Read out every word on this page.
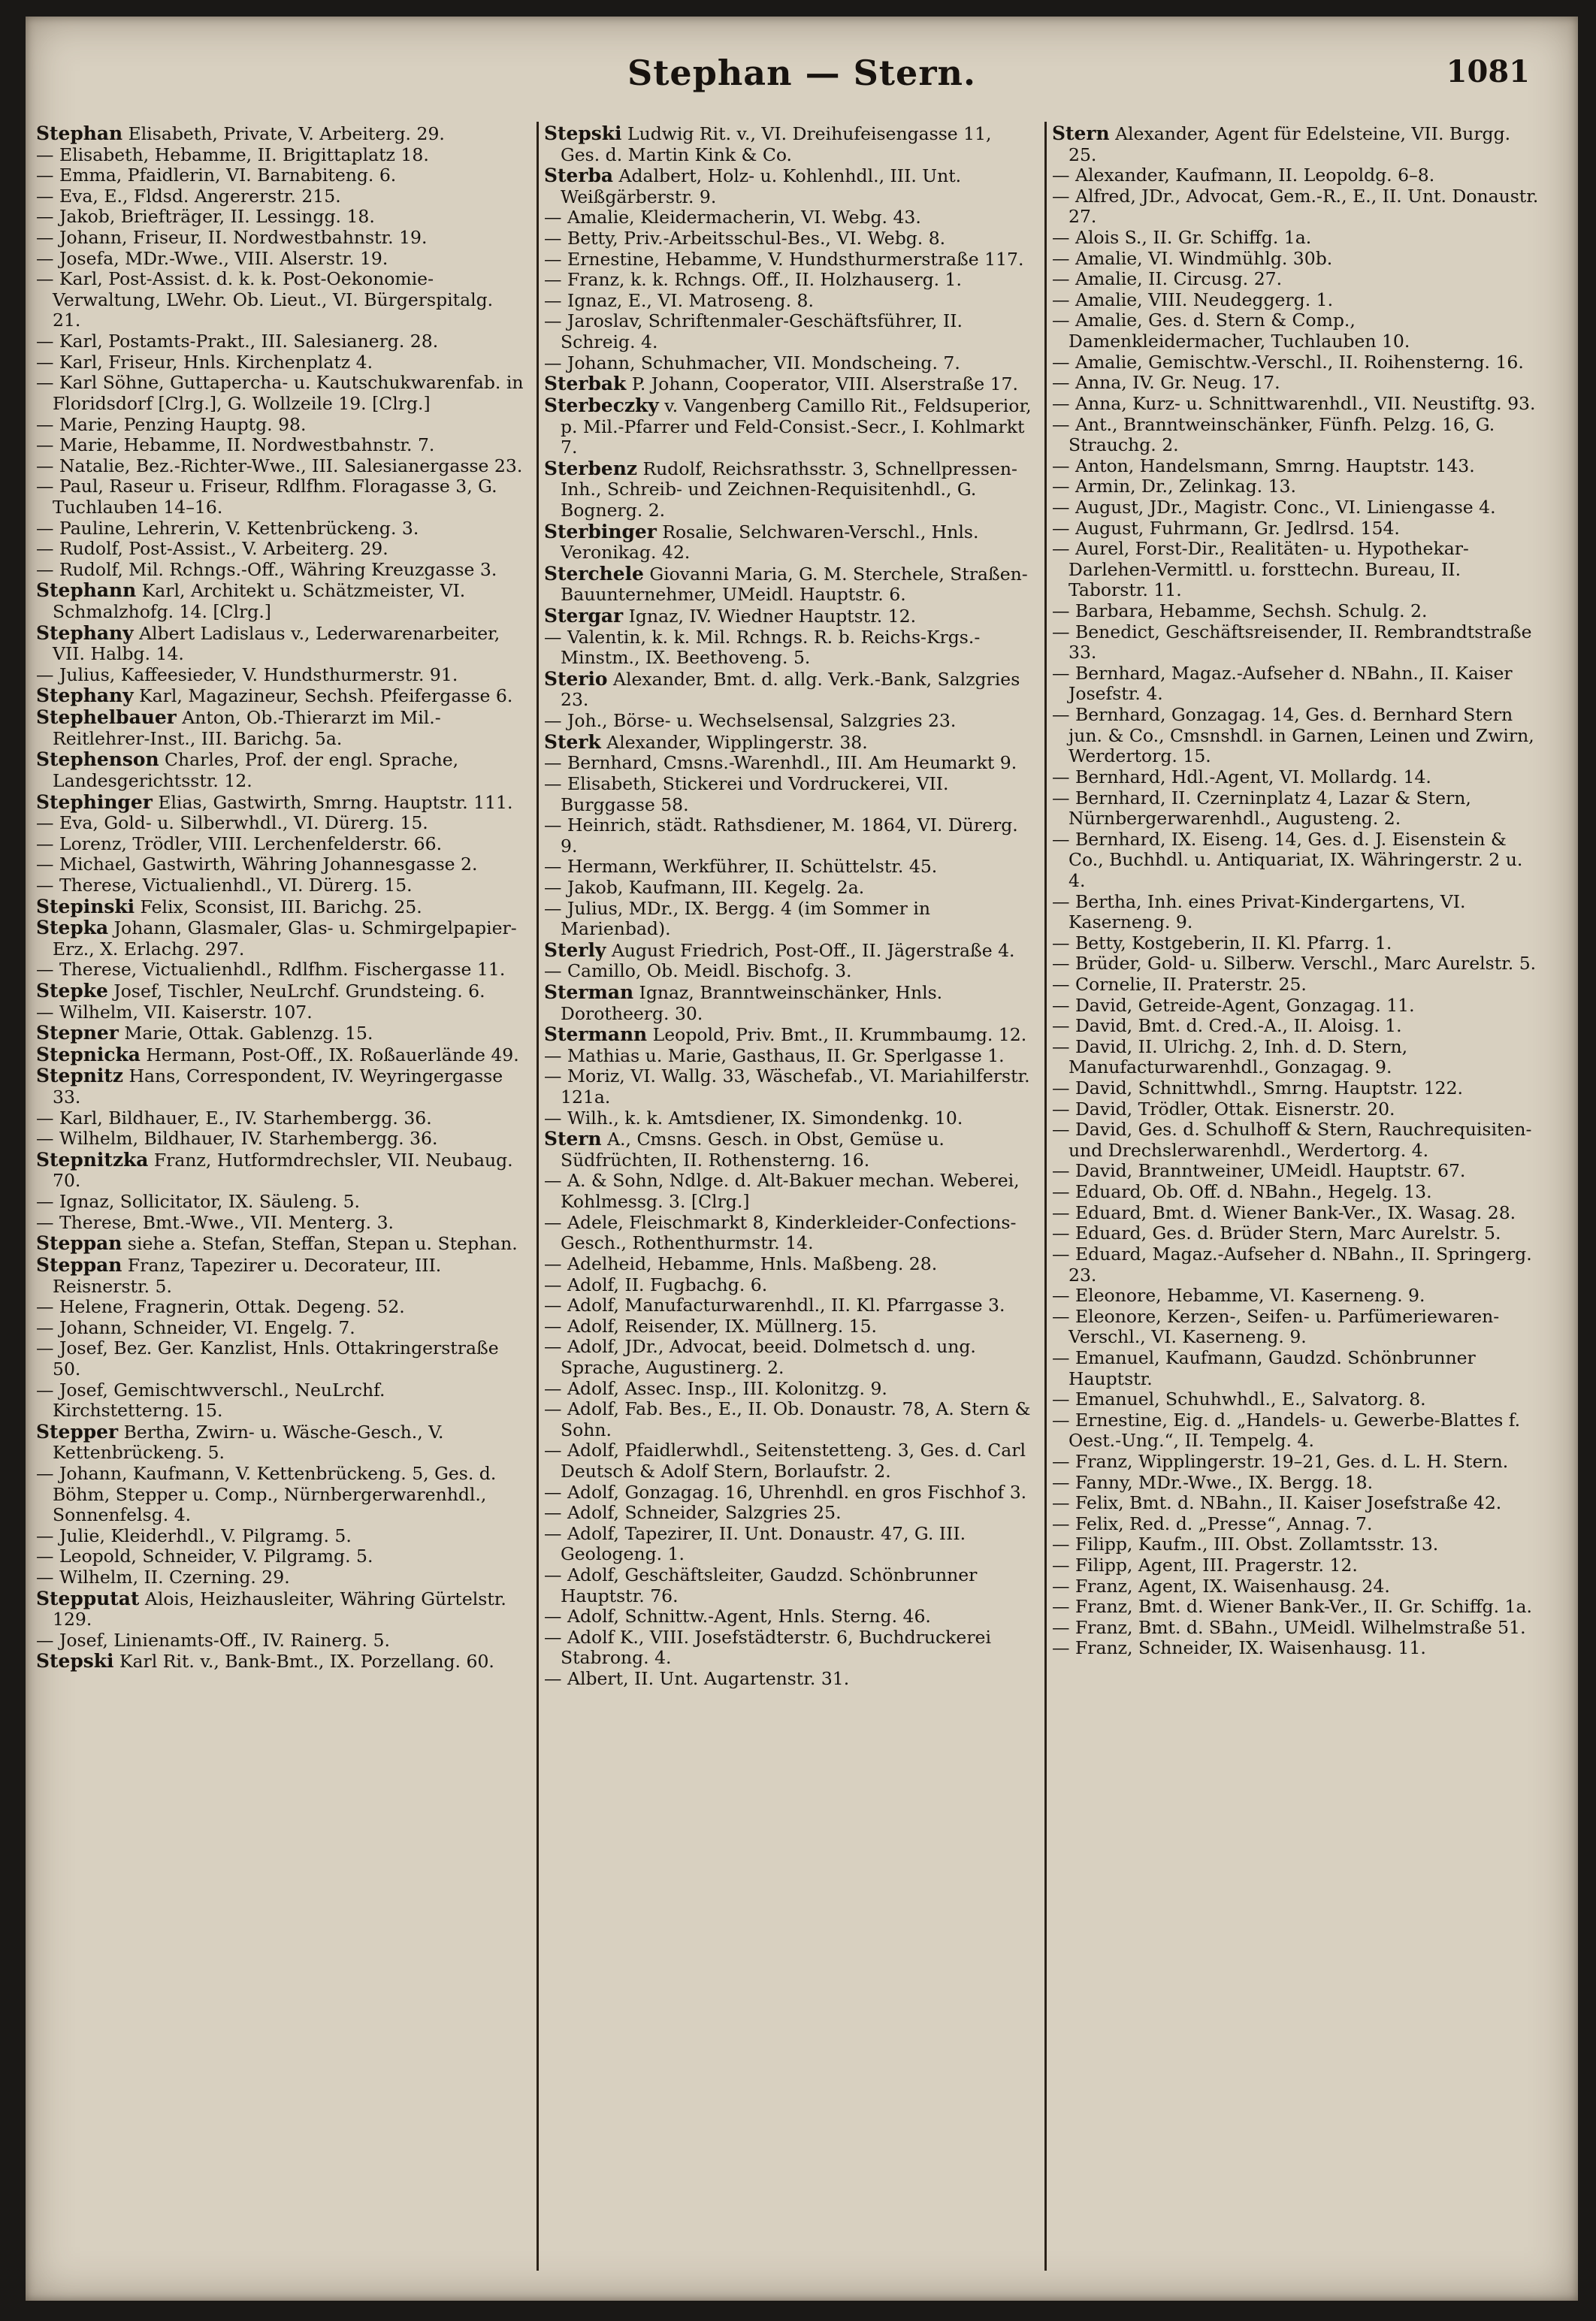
Stephan — Stern.	1081

Stephan Elisabeth, Private, V. Arbeiterg. 29.

— Elisabeth, Hebamme, II. Brigittaplatz 18.

— Emma, Pfaidlerin, VI. Barnabiteng. 6.

— Eva, E., Fldsd. Angererstr. 215.

— Jakob, Briefträger, II. Lessingg. 18.

— Johann, Friseur, II. Nordwestbahnstr. 19.

— Josefa, MDr.-Wwe., VIII. Alserstr. 19.

— Karl, Post-Assist. d. k. k. Post-Oekonomie-Verwaltung, LWehr. Ob. Lieut., VI. Bürgerspitalg. 21.

— Karl, Postamts-Prakt., III. Salesianerg. 28.

— Karl, Friseur, Hnls. Kirchenplatz 4.

— Karl Söhne, Guttapercha- u. Kautschukwarenfab. in Floridsdorf [Clrg.], G. Wollzeile 19. [Clrg.]

— Marie, Penzing Hauptg. 98.

— Marie, Hebamme, II. Nordwestbahnstr. 7.

— Natalie, Bez.-Richter-Wwe., III. Salesianergasse 23.

— Paul, Raseur u. Friseur, Rdlfhm. Floragasse 3, G. Tuchlauben 14–16.

— Pauline, Lehrerin, V. Kettenbrückeng. 3.

— Rudolf, Post-Assist., V. Arbeiterg. 29.

— Rudolf, Mil. Rchngs.-Off., Währing Kreuzgasse 3.

Stephann Karl, Architekt u. Schätzmeister, VI. Schmalzhofg. 14. [Clrg.]

Stephany Albert Ladislaus v., Lederwarenarbeiter, VII. Halbg. 14.

— Julius, Kaffeesieder, V. Hundsthurmerstr. 91.

Stephany Karl, Magazineur, Sechsh. Pfeifergasse 6.

Stephelbauer Anton, Ob.-Thierarzt im Mil.-Reitlehrer-Inst., III. Barichg. 5a.

Stephenson Charles, Prof. der engl. Sprache, Landesgerichtsstr. 12.

Stephinger Elias, Gastwirth, Smrng. Hauptstr. 111.

— Eva, Gold- u. Silberwhdl., VI. Dürerg. 15.

— Lorenz, Trödler, VIII. Lerchenfelderstr. 66.

— Michael, Gastwirth, Währing Johannesgasse 2.

— Therese, Victualienhdl., VI. Dürerg. 15.

Stepinski Felix, Sconsist, III. Barichg. 25.

Stepka Johann, Glasmaler, Glas- u. Schmirgelpapier-Erz., X. Erlachg. 297.

— Therese, Victualienhdl., Rdlfhm. Fischergasse 11.

Stepke Josef, Tischler, NeuLrchf. Grundsteing. 6.

— Wilhelm, VII. Kaiserstr. 107.

Stepner Marie, Ottak. Gablenzg. 15.

Stepnicka Hermann, Post-Off., IX. Roßauerlände 49.

Stepnitz Hans, Correspondent, IV. Weyringergasse 33.

— Karl, Bildhauer, E., IV. Starhembergg. 36.

— Wilhelm, Bildhauer, IV. Starhembergg. 36.

Stepnitzka Franz, Hutformdrechsler, VII. Neubaug. 70.

— Ignaz, Sollicitator, IX. Säuleng. 5.

— Therese, Bmt.-Wwe., VII. Menterg. 3.

Steppan siehe a. Stefan, Steffan, Stepan u. Stephan.

Steppan Franz, Tapezirer u. Decorateur, III. Reisnerstr. 5.

— Helene, Fragnerin, Ottak. Degeng. 52.

— Johann, Schneider, VI. Engelg. 7.

— Josef, Bez. Ger. Kanzlist, Hnls. Ottakringerstraße 50.

— Josef, Gemischtwverschl., NeuLrchf. Kirchstetterng. 15.

Stepper Bertha, Zwirn- u. Wäsche-Gesch., V. Kettenbrückeng. 5.

— Johann, Kaufmann, V. Kettenbrückeng. 5, Ges. d. Böhm, Stepper u. Comp., Nürnbergerwarenhdl., Sonnenfelsg. 4.

— Julie, Kleiderhdl., V. Pilgramg. 5.

— Leopold, Schneider, V. Pilgramg. 5.

— Wilhelm, II. Czerning. 29.

Stepputat Alois, Heizhausleiter, Währing Gürtelstr. 129.

— Josef, Linienamts-Off., IV. Rainerg. 5.

Stepski Karl Rit. v., Bank-Bmt., IX. Porzellang. 60.

Stepski Ludwig Rit. v., VI. Dreihufeisengasse 11, Ges. d. Martin Kink & Co.

Sterba Adalbert, Holz- u. Kohlenhdl., III. Unt. Weißgärberstr. 9.

— Amalie, Kleidermacherin, VI. Webg. 43.

— Betty, Priv.-Arbeitsschul-Bes., VI. Webg. 8.

— Ernestine, Hebamme, V. Hundsthurmerstraße 117.

— Franz, k. k. Rchngs. Off., II. Holzhauserg. 1.

— Ignaz, E., VI. Matroseng. 8.

— Jaroslav, Schriftenmaler-Geschäftsführer, II. Schreig. 4.

— Johann, Schuhmacher, VII. Mondscheing. 7.

Sterbak P. Johann, Cooperator, VIII. Alserstraße 17.

Sterbeczky v. Vangenberg Camillo Rit., Feldsuperior, p. Mil.-Pfarrer und Feld-Consist.-Secr., I. Kohlmarkt 7.

Sterbenz Rudolf, Reichsrathsstr. 3, Schnellpressen-Inh., Schreib- und Zeichnen-Requisitenhdl., G. Bognerg. 2.

Sterbinger Rosalie, Selchwaren-Verschl., Hnls. Veronikag. 42.

Sterchele Giovanni Maria, G. M. Sterchele, Straßen-Bauunternehmer, UMeidl. Hauptstr. 6.

Stergar Ignaz, IV. Wiedner Hauptstr. 12.

— Valentin, k. k. Mil. Rchngs. R. b. Reichs-Krgs.-Minstm., IX. Beethoveng. 5.

Sterio Alexander, Bmt. d. allg. Verk.-Bank, Salzgries 23.

— Joh., Börse- u. Wechselsensal, Salzgries 23.

Sterk Alexander, Wipplingerstr. 38.

— Bernhard, Cmsns.-Warenhdl., III. Am Heumarkt 9.

— Elisabeth, Stickerei und Vordruckerei, VII. Burggasse 58.

— Heinrich, städt. Rathsdiener, M. 1864, VI. Dürerg. 9.

— Hermann, Werkführer, II. Schüttelstr. 45.

— Jakob, Kaufmann, III. Kegelg. 2a.

— Julius, MDr., IX. Bergg. 4 (im Sommer in Marienbad).

Sterly August Friedrich, Post-Off., II. Jägerstraße 4.

— Camillo, Ob. Meidl. Bischofg. 3.

Sterman Ignaz, Branntweinschänker, Hnls. Dorotheerg. 30.

Stermann Leopold, Priv. Bmt., II. Krummbaumg. 12.

— Mathias u. Marie, Gasthaus, II. Gr. Sperlgasse 1.

— Moriz, VI. Wallg. 33, Wäschefab., VI. Mariahilferstr. 121a.

— Wilh., k. k. Amtsdiener, IX. Simondenkg. 10.

Stern A., Cmsns. Gesch. in Obst, Gemüse u. Südfrüchten, II. Rothensterng. 16.

— A. & Sohn, Ndlge. d. Alt-Bakuer mechan. Weberei, Kohlmessg. 3. [Clrg.]

— Adele, Fleischmarkt 8, Kinderkleider-Confections-Gesch., Rothenthurmstr. 14.

— Adelheid, Hebamme, Hnls. Maßbeng. 28.

— Adolf, II. Fugbachg. 6.

— Adolf, Manufacturwarenhdl., II. Kl. Pfarrgasse 3.

— Adolf, Reisender, IX. Müllnerg. 15.

— Adolf, JDr., Advocat, beeid. Dolmetsch d. ung. Sprache, Augustinerg. 2.

— Adolf, Assec. Insp., III. Kolonitzg. 9.

— Adolf, Fab. Bes., E., II. Ob. Donaustr. 78, A. Stern & Sohn.

— Adolf, Pfaidlerwhdl., Seitenstetteng. 3, Ges. d. Carl Deutsch & Adolf Stern, Borlaufstr. 2.

— Adolf, Gonzagag. 16, Uhrenhdl. en gros Fischhof 3.

— Adolf, Schneider, Salzgries 25.

— Adolf, Tapezirer, II. Unt. Donaustr. 47, G. III. Geologeng. 1.

— Adolf, Geschäftsleiter, Gaudzd. Schönbrunner Hauptstr. 76.

— Adolf, Schnittw.-Agent, Hnls. Sterng. 46.

— Adolf K., VIII. Josefstädterstr. 6, Buchdruckerei Stabrong. 4.

— Albert, II. Unt. Augartenstr. 31.

Stern Alexander, Agent für Edelsteine, VII. Burgg. 25.

— Alexander, Kaufmann, II. Leopoldg. 6–8.

— Alfred, JDr., Advocat, Gem.-R., E., II. Unt. Donaustr. 27.

— Alois S., II. Gr. Schiffg. 1a.

— Amalie, VI. Windmühlg. 30b.

— Amalie, II. Circusg. 27.

— Amalie, VIII. Neudeggerg. 1.

— Amalie, Ges. d. Stern & Comp., Damenkleidermacher, Tuchlauben 10.

— Amalie, Gemischtw.-Verschl., II. Roihensterng. 16.

— Anna, IV. Gr. Neug. 17.

— Anna, Kurz- u. Schnittwarenhdl., VII. Neustiftg. 93.

— Ant., Branntweinschänker, Fünfh. Pelzg. 16, G. Strauchg. 2.

— Anton, Handelsmann, Smrng. Hauptstr. 143.

— Armin, Dr., Zelinkag. 13.

— August, JDr., Magistr. Conc., VI. Liniengasse 4.

— August, Fuhrmann, Gr. Jedlrsd. 154.

— Aurel, Forst-Dir., Realitäten- u. Hypothekar-Darlehen-Vermittl. u. forsttechn. Bureau, II. Taborstr. 11.

— Barbara, Hebamme, Sechsh. Schulg. 2.

— Benedict, Geschäftsreisender, II. Rembrandtstraße 33.

— Bernhard, Magaz.-Aufseher d. NBahn., II. Kaiser Josefstr. 4.

— Bernhard, Gonzagag. 14, Ges. d. Bernhard Stern jun. & Co., Cmsnshdl. in Garnen, Leinen und Zwirn, Werdertorg. 15.

— Bernhard, Hdl.-Agent, VI. Mollardg. 14.

— Bernhard, II. Czerninplatz 4, Lazar & Stern, Nürnbergerwarenhdl., Augusteng. 2.

— Bernhard, IX. Eiseng. 14, Ges. d. J. Eisenstein & Co., Buchhdl. u. Antiquariat, IX. Währingerstr. 2 u. 4.

— Bertha, Inh. eines Privat-Kindergartens, VI. Kaserneng. 9.

— Betty, Kostgeberin, II. Kl. Pfarrg. 1.

— Brüder, Gold- u. Silberw. Verschl., Marc Aurelstr. 5.

— Cornelie, II. Praterstr. 25.

— David, Getreide-Agent, Gonzagag. 11.

— David, Bmt. d. Cred.-A., II. Aloisg. 1.

— David, II. Ulrichg. 2, Inh. d. D. Stern, Manufacturwarenhdl., Gonzagag. 9.

— David, Schnittwhdl., Smrng. Hauptstr. 122.

— David, Trödler, Ottak. Eisnerstr. 20.

— David, Ges. d. Schulhoff & Stern, Rauchrequisiten- und Drechslerwarenhdl., Werdertorg. 4.

— David, Branntweiner, UMeidl. Hauptstr. 67.

— Eduard, Ob. Off. d. NBahn., Hegelg. 13.

— Eduard, Bmt. d. Wiener Bank-Ver., IX. Wasag. 28.

— Eduard, Ges. d. Brüder Stern, Marc Aurelstr. 5.

— Eduard, Magaz.-Aufseher d. NBahn., II. Springerg. 23.

— Eleonore, Hebamme, VI. Kaserneng. 9.

— Eleonore, Kerzen-, Seifen- u. Parfümeriewaren-Verschl., VI. Kaserneng. 9.

— Emanuel, Kaufmann, Gaudzd. Schönbrunner Hauptstr.

— Emanuel, Schuhwhdl., E., Salvatorg. 8.

— Ernestine, Eig. d. „Handels- u. Gewerbe-Blattes f. Oest.-Ung.“, II. Tempelg. 4.

— Franz, Wipplingerstr. 19–21, Ges. d. L. H. Stern.

— Fanny, MDr.-Wwe., IX. Bergg. 18.

— Felix, Bmt. d. NBahn., II. Kaiser Josefstraße 42.

— Felix, Red. d. „Presse“, Annag. 7.

— Filipp, Kaufm., III. Obst. Zollamtsstr. 13.

— Filipp, Agent, III. Pragerstr. 12.

— Franz, Agent, IX. Waisenhausg. 24.

— Franz, Bmt. d. Wiener Bank-Ver., II. Gr. Schiffg. 1a.

— Franz, Bmt. d. SBahn., UMeidl. Wilhelmstraße 51.

— Franz, Schneider, IX. Waisenhausg. 11.
